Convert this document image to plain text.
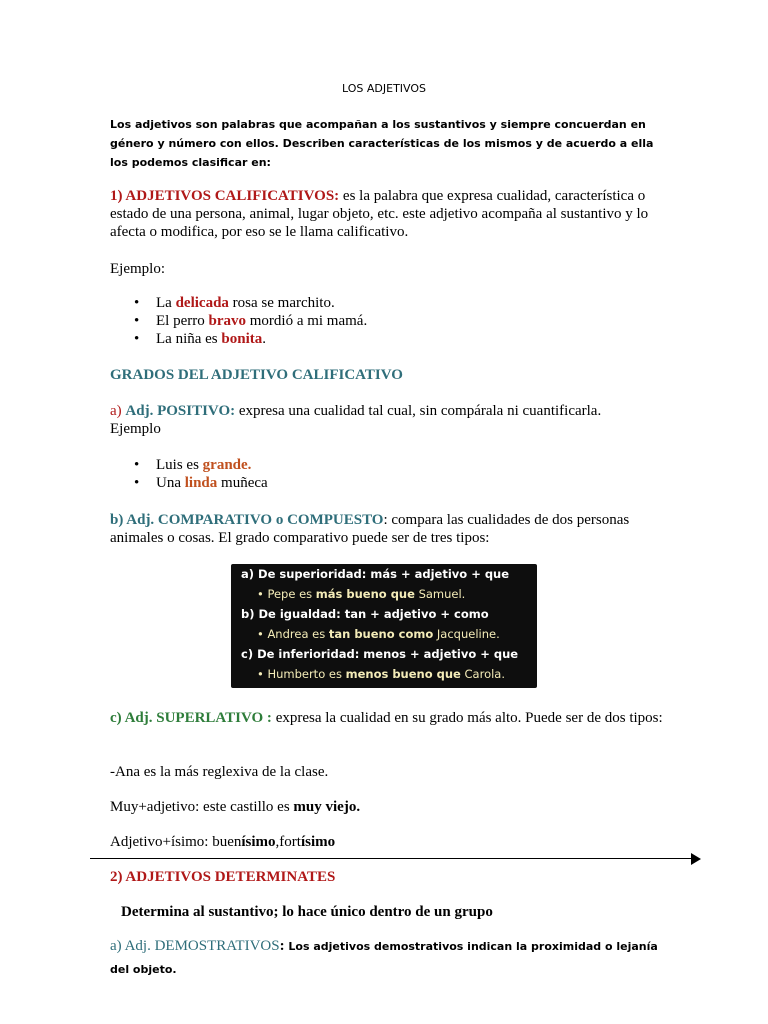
LOS ADJETIVOS
Los adjetivos son palabras que acompañan a los sustantivos y siempre concuerdan en género y número con ellos. Describen características de los mismos y de acuerdo a ella los podemos clasificar en:
1) ADJETIVOS CALIFICATIVOS: es la palabra que expresa cualidad, característica o estado de una persona, animal, lugar objeto, etc. este adjetivo acompaña al sustantivo y lo afecta o modifica, por eso se le llama calificativo.
Ejemplo:
• La delicada rosa se marchito.
• El perro bravo mordió a mi mamá.
• La niña es bonita.
GRADOS DEL ADJETIVO CALIFICATIVO
a) Adj. POSITIVO: expresa una cualidad tal cual, sin compárala ni cuantificarla.
Ejemplo
• Luis es grande.
• Una linda muñeca
b) Adj. COMPARATIVO o COMPUESTO: compara las cualidades de dos personas animales o cosas. El grado comparativo puede ser de tres tipos:
a) De superioridad: más + adjetivo + que
• Pepe es más bueno que Samuel.
b) De igualdad: tan + adjetivo + como
• Andrea es tan bueno como Jacqueline.
c) De inferioridad: menos + adjetivo + que
• Humberto es menos bueno que Carola.
c) Adj. SUPERLATIVO : expresa la cualidad en su grado más alto. Puede ser de dos tipos:
-Ana es la más reglexiva de la clase.
Muy+adjetivo: este castillo es muy viejo.
Adjetivo+ísimo: buenísimo,fortísimo
2) ADJETIVOS DETERMINATES
Determina al sustantivo; lo hace único dentro de un grupo
a) Adj. DEMOSTRATIVOS: Los adjetivos demostrativos indican la proximidad o lejanía del objeto.
